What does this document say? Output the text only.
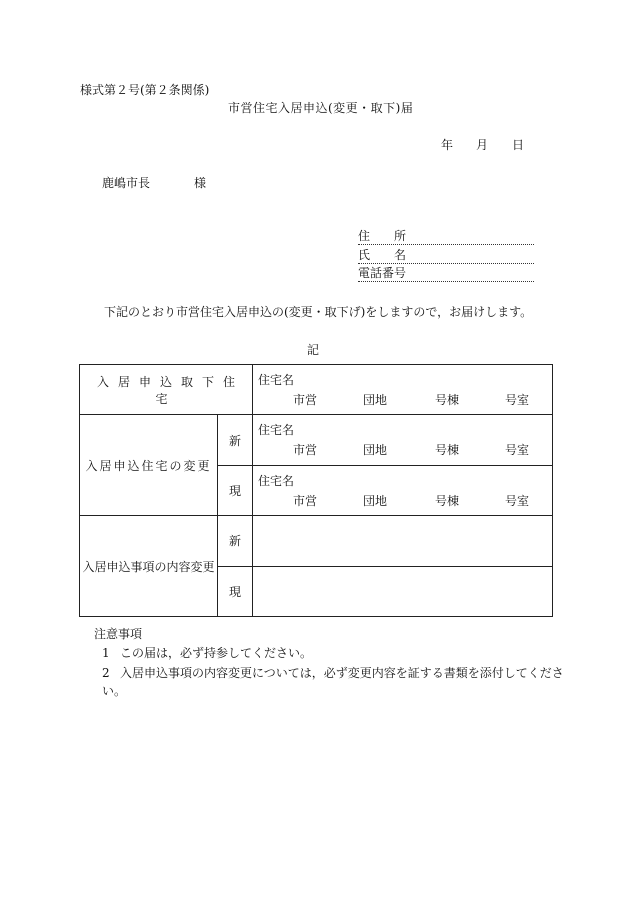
様式第２号(第２条関係)
市営住宅入居申込(変更・取下)届
年 月 日
鹿嶋市長	様
住　　所
氏　　名
電話番号
下記のとおり市営住宅入居申込の(変更・取下げ)をしますので，お届けします。
記
入居申込取下住宅		住宅名
市営 団地 号棟 号室

入居申込住宅の変更	新	住宅名
市営 団地 号棟 号室

	現	住宅名
市営 団地 号棟 号室

入居申込事項の内容変更	新	
	現	
注意事項
1 この届は，必ず持参してください。
2 入居申込事項の内容変更については，必ず変更内容を証する書類を添付してくださ
い。
